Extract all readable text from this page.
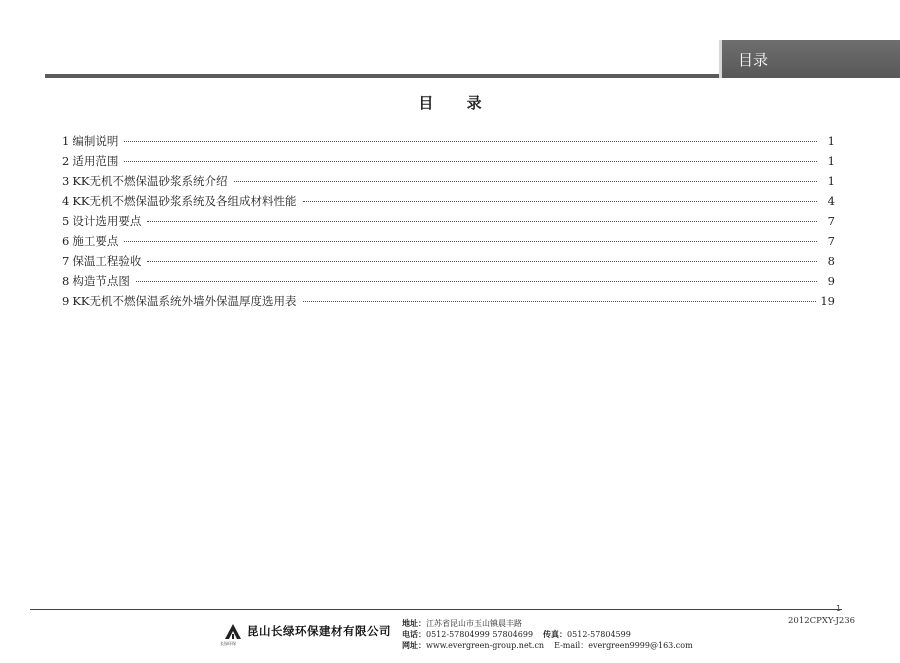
目录
目 录
1 编制说明	1
2 适用范围	1
3 KK无机不燃保温砂浆系统介绍	1
4 KK无机不燃保温砂浆系统及各组成材料性能	4
5 设计选用要点	7
6 施工要点	7
7 保温工程验收	8
8 构造节点图	9
9 KK无机不燃保温系统外墙外保温厚度选用表	19
1
2012CPXY-J236
长绿环保
昆山长绿环保建材有限公司
地址：江苏省昆山市玉山镇晨丰路
电话：0512-57804999 57804699 传真：0512-57804599
网址：www.evergreen-group.net.cn E-mail：evergreen9999@163.com
